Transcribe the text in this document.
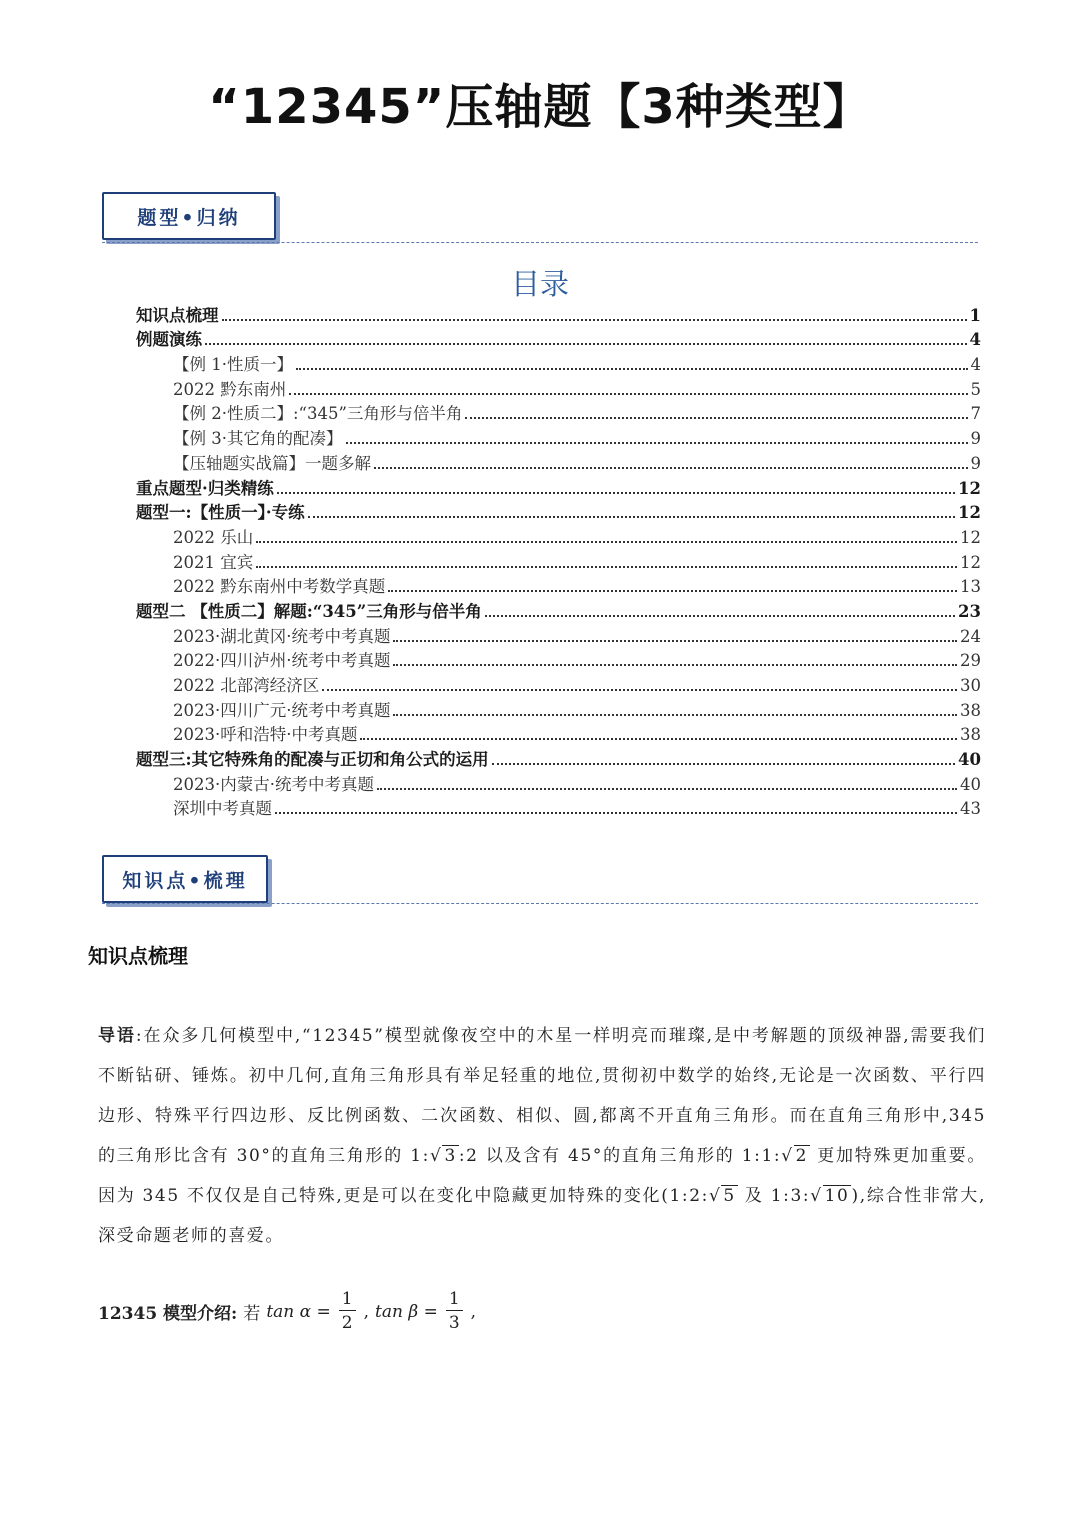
“12345”压轴题【3种类型】
题型•归纳
目录
知识点梳理	1
例题演练	4
【例 1·性质一】	4
2022 黔东南州	5
【例 2·性质二】:“345”三角形与倍半角	7
【例 3·其它角的配凑】	9
【压轴题实战篇】一题多解	9
重点题型·归类精练	12
题型一:【性质一】·专练	12
2022 乐山	12
2021 宜宾	12
2022 黔东南州中考数学真题	13
题型二 【性质二】解题:“345”三角形与倍半角	23
2023·湖北黄冈·统考中考真题	24
2022·四川泸州·统考中考真题	29
2022 北部湾经济区	30
2023·四川广元·统考中考真题	38
2023·呼和浩特·中考真题	38
题型三:其它特殊角的配凑与正切和角公式的运用	40
2023·内蒙古·统考中考真题	40
深圳中考真题	43
知识点•梳理
知识点梳理
导语:在众多几何模型中,“12345”模型就像夜空中的木星一样明亮而璀璨,是中考解题的顶级神器,需要我们不断钻研、锤炼。初中几何,直角三角形具有举足轻重的地位,贯彻初中数学的始终,无论是一次函数、平行四边形、特殊平行四边形、反比例函数、二次函数、相似、圆,都离不开直角三角形。而在直角三角形中,345 的三角形比含有 30°的直角三角形的 1:√ 3 :2 以及含有 45°的直角三角形的 1:1:√ 2 更加特殊更加重要。因为 345 不仅仅是自己特殊,更是可以在变化中隐藏更加特殊的变化(1:2:√ 5 及 1:3:√ 10 ),综合性非常大,深受命题老师的喜爱。
12345 模型介绍: 若 $\tan \alpha = \frac{1}{2}$ , $\tan \beta = \frac{1}{3}$ ,
